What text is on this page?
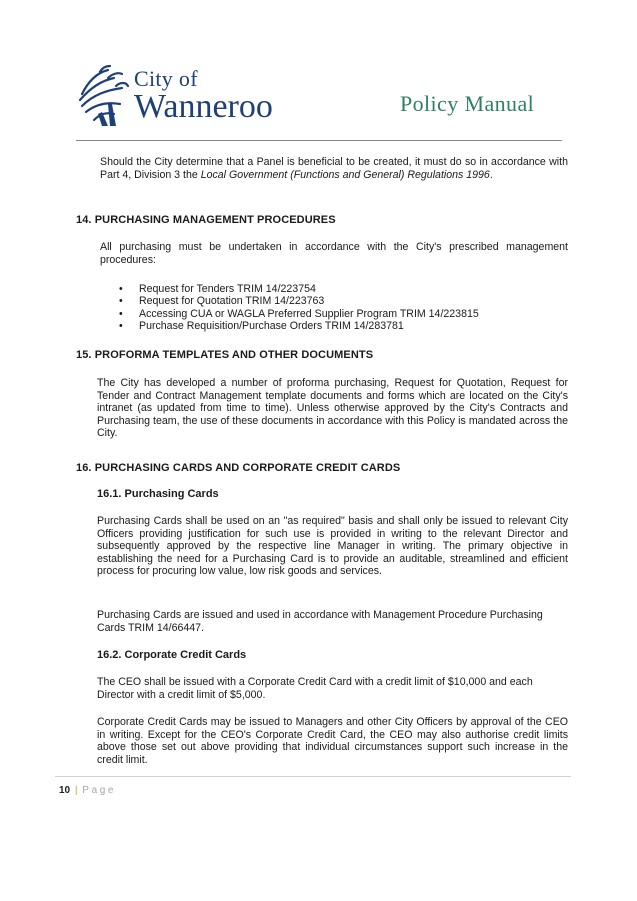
City of
Wanneroo	Policy Manual
Should the City determine that a Panel is beneficial to be created, it must do so in accordance with Part 4, Division 3 the Local Government (Functions and General) Regulations 1996.
14. PURCHASING MANAGEMENT PROCEDURES
All purchasing must be undertaken in accordance with the City's prescribed management procedures:
• Request for Tenders TRIM 14/223754
• Request for Quotation TRIM 14/223763
• Accessing CUA or WAGLA Preferred Supplier Program TRIM 14/223815
• Purchase Requisition/Purchase Orders TRIM 14/283781
15. PROFORMA TEMPLATES AND OTHER DOCUMENTS
The City has developed a number of proforma purchasing, Request for Quotation, Request for Tender and Contract Management template documents and forms which are located on the City's intranet (as updated from time to time). Unless otherwise approved by the City's Contracts and Purchasing team, the use of these documents in accordance with this Policy is mandated across the City.
16. PURCHASING CARDS AND CORPORATE CREDIT CARDS
16.1. Purchasing Cards
Purchasing Cards shall be used on an "as required" basis and shall only be issued to relevant City Officers providing justification for such use is provided in writing to the relevant Director and subsequently approved by the respective line Manager in writing. The primary objective in establishing the need for a Purchasing Card is to provide an auditable, streamlined and efficient process for procuring low value, low risk goods and services.
Purchasing Cards are issued and used in accordance with Management Procedure Purchasing Cards TRIM 14/66447.
16.2. Corporate Credit Cards
The CEO shall be issued with a Corporate Credit Card with a credit limit of $10,000 and each Director with a credit limit of $5,000.
Corporate Credit Cards may be issued to Managers and other City Officers by approval of the CEO in writing. Except for the CEO's Corporate Credit Card, the CEO may also authorise credit limits above those set out above providing that individual circumstances support such increase in the credit limit.
10 | Page
